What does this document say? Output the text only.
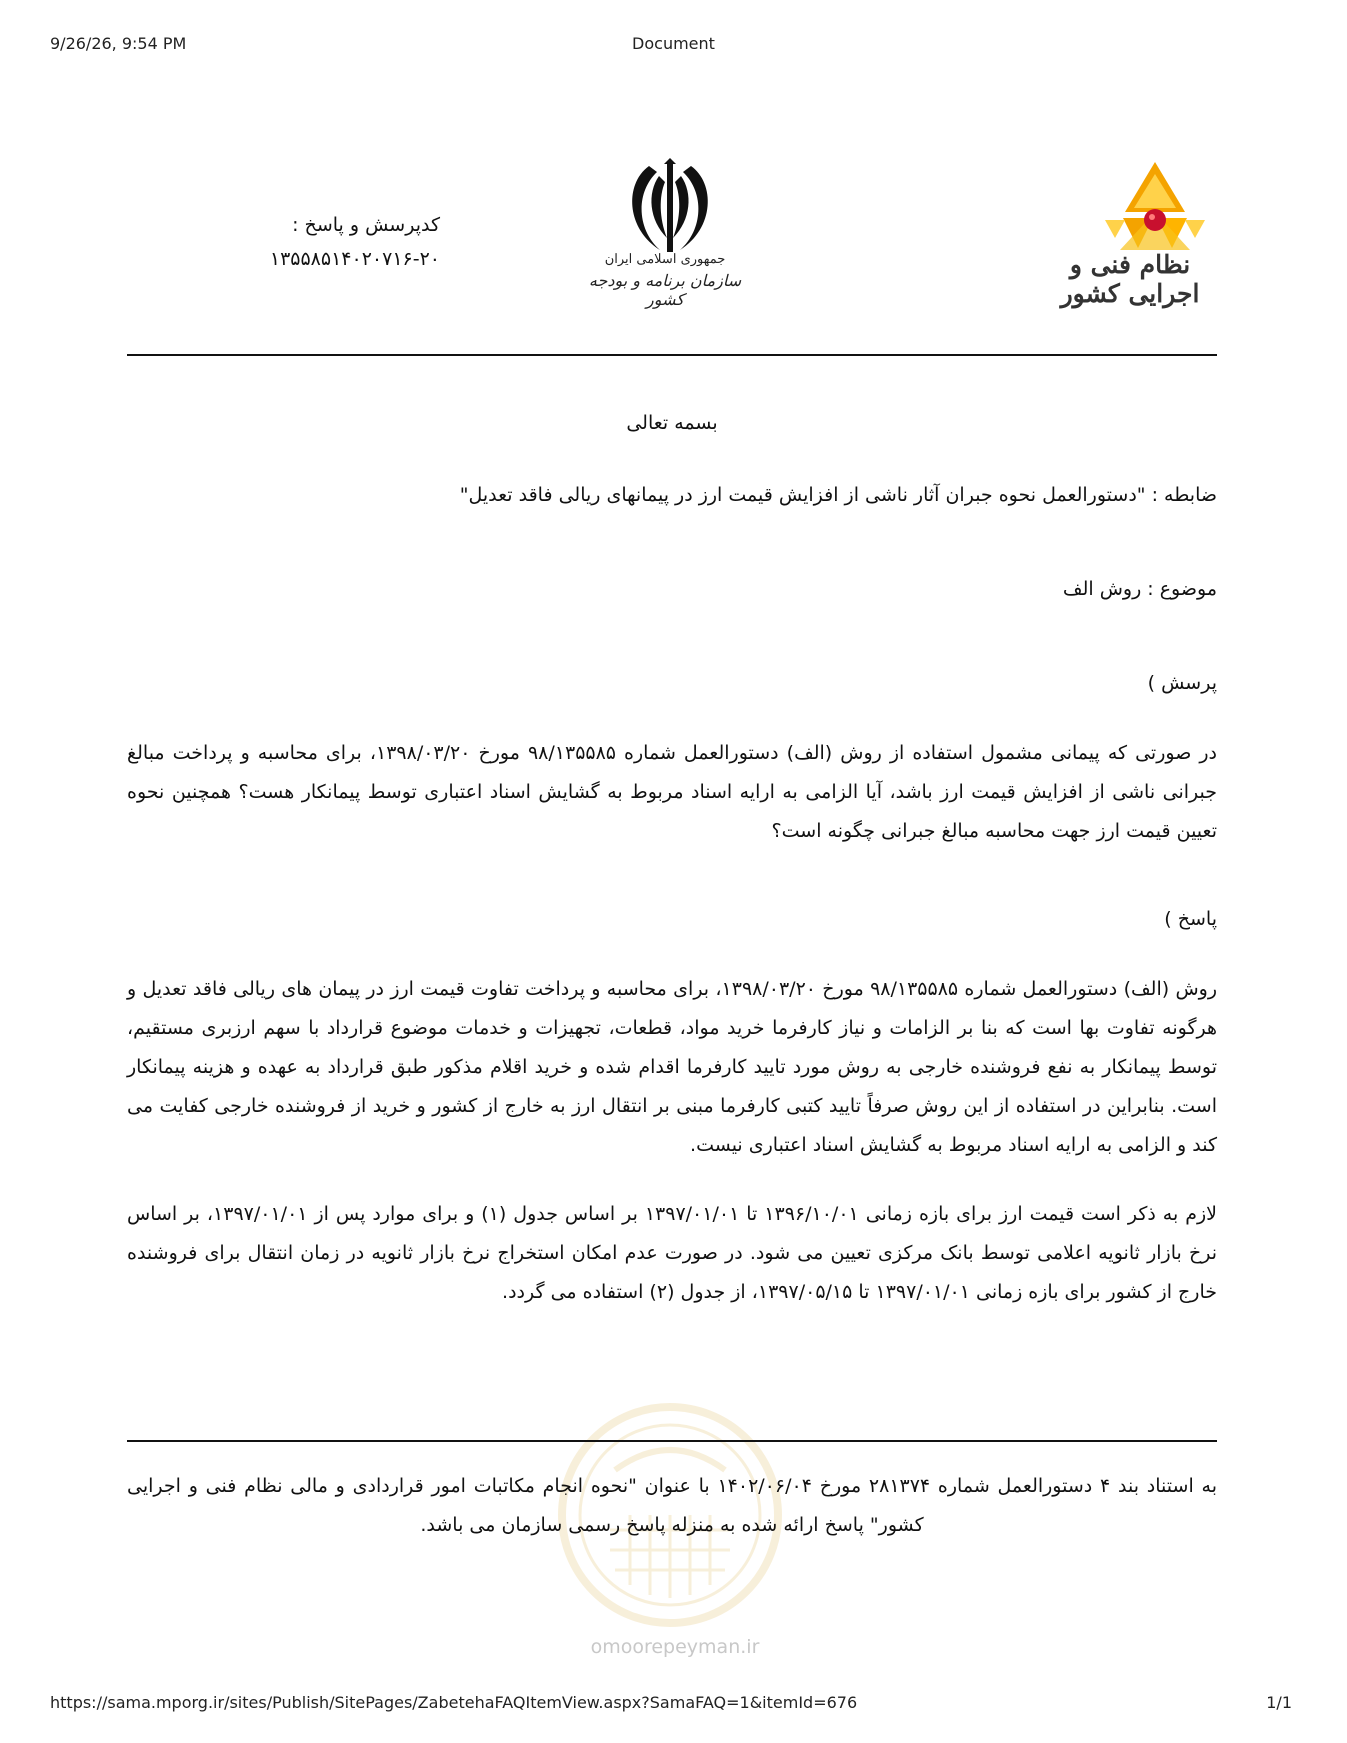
9/26/26, 9:54 PM	Document
نظام فنی و اجرایی کشور
جمهوری اسلامی ایران
سازمان برنامه و بودجه کشور
کدپرسش و پاسخ :
۱۳۵۵۸۵۱۴۰۲۰۷۱۶-۲۰
omoorepeyman.ir
بسمه تعالی
ضابطه : "دستورالعمل نحوه جبران آثار ناشی از افزایش قیمت ارز در پیمانهای ریالی فاقد تعدیل"
موضوع : روش الف
پرسش )
در صورتی که پیمانی مشمول استفاده از روش (الف) دستورالعمل شماره ۹۸/۱۳۵۵۸۵ مورخ ۱۳۹۸/۰۳/۲۰، برای محاسبه و پرداخت مبالغ جبرانی ناشی از افزایش قیمت ارز باشد، آیا الزامی به ارایه اسناد مربوط به گشایش اسناد اعتباری توسط پیمانکار هست؟ همچنین نحوه تعیین قیمت ارز جهت محاسبه مبالغ جبرانی چگونه است؟
پاسخ )
روش (الف) دستورالعمل شماره ۹۸/۱۳۵۵۸۵ مورخ ۱۳۹۸/۰۳/۲۰، برای محاسبه و پرداخت تفاوت قیمت ارز در پیمان های ریالی فاقد تعدیل و هرگونه تفاوت بها است که بنا بر الزامات و نیاز کارفرما خرید مواد، قطعات، تجهیزات و خدمات موضوع قرارداد با سهم ارزبری مستقیم، توسط پیمانکار به نفع فروشنده خارجی به روش مورد تایید کارفرما اقدام شده و خرید اقلام مذکور طبق قرارداد به عهده و هزینه پیمانکار است. بنابراین در استفاده از این روش صرفاً تایید کتبی کارفرما مبنی بر انتقال ارز به خارج از کشور و خرید از فروشنده خارجی کفایت می کند و الزامی به ارایه اسناد مربوط به گشایش اسناد اعتباری نیست.
لازم به ذکر است قیمت ارز برای بازه زمانی ۱۳۹۶/۱۰/۰۱ تا ۱۳۹۷/۰۱/۰۱ بر اساس جدول (۱) و برای موارد پس از ۱۳۹۷/۰۱/۰۱، بر اساس نرخ بازار ثانویه اعلامی توسط بانک مرکزی تعیین می شود. در صورت عدم امکان استخراج نرخ بازار ثانویه در زمان انتقال برای فروشنده خارج از کشور برای بازه زمانی ۱۳۹۷/۰۱/۰۱ تا ۱۳۹۷/۰۵/۱۵، از جدول (۲) استفاده می گردد.
به استناد بند ۴ دستورالعمل شماره ۲۸۱۳۷۴ مورخ ۱۴۰۲/۰۶/۰۴ با عنوان "نحوه انجام مکاتبات امور قراردادی و مالی نظام فنی و اجرایی کشور" پاسخ ارائه شده به منزله پاسخ رسمی سازمان می باشد.
https://sama.mporg.ir/sites/Publish/SitePages/ZabetehaFAQItemView.aspx?SamaFAQ=1&itemId=676	1/1
